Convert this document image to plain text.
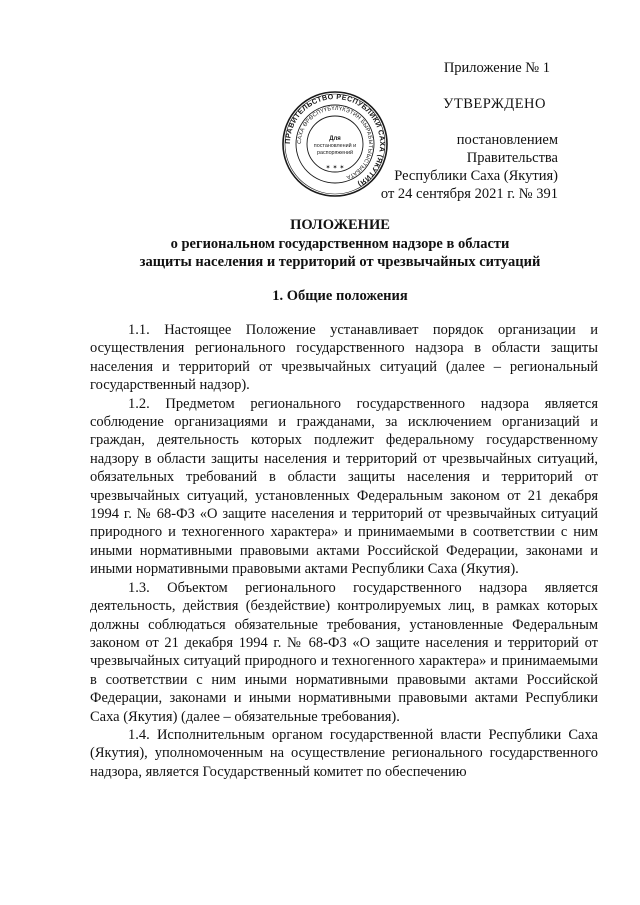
Приложение № 1
УТВЕРЖДЕНО
постановлением Правительства
Республики Саха (Якутия)
от 24 сентября 2021 г. № 391
ПРАВИТЕЛЬСТВО РЕСПУБЛИКИ САХА (ЯКУТИЯ)
САХА ӨРӨСПҮҮБҮЛҮКЭТИН БЫРАБЫТЫЫСТЫБАТА
Для
постановлений и
распоряжений
✶ ✶ ✶
ПОЛОЖЕНИЕ
о региональном государственном надзоре в области
защиты населения и территорий от чрезвычайных ситуаций
1. Общие положения

1.1. Настоящее Положение устанавливает порядок организации и осуществления регионального государственного надзора в области защиты населения и территорий от чрезвычайных ситуаций (далее – региональный государственный надзор).

1.2. Предметом регионального государственного надзора является соблюдение организациями и гражданами, за исключением организаций и граждан, деятельность которых подлежит федеральному государственному надзору в области защиты населения и территорий от чрезвычайных ситуаций, обязательных требований в области защиты населения и территорий от чрезвычайных ситуаций, установленных Федеральным законом от 21 декабря 1994 г. № 68-ФЗ «О защите населения и территорий от чрезвычайных ситуаций природного и техногенного характера» и принимаемыми в соответствии с ним иными нормативными правовыми актами Российской Федерации, законами и иными нормативными правовыми актами Республики Саха (Якутия).

1.3. Объектом регионального государственного надзора является деятельность, действия (бездействие) контролируемых лиц, в рамках которых должны соблюдаться обязательные требования, установленные Федеральным законом от 21 декабря 1994 г. № 68-ФЗ «О защите населения и территорий от чрезвычайных ситуаций природного и техногенного характера» и принимаемыми в соответствии с ним иными нормативными правовыми актами Российской Федерации, законами и иными нормативными правовыми актами Республики Саха (Якутия) (далее – обязательные требования).

1.4. Исполнительным органом государственной власти Республики Саха (Якутия), уполномоченным на осуществление регионального государственного надзора, является Государственный комитет по обеспечению
